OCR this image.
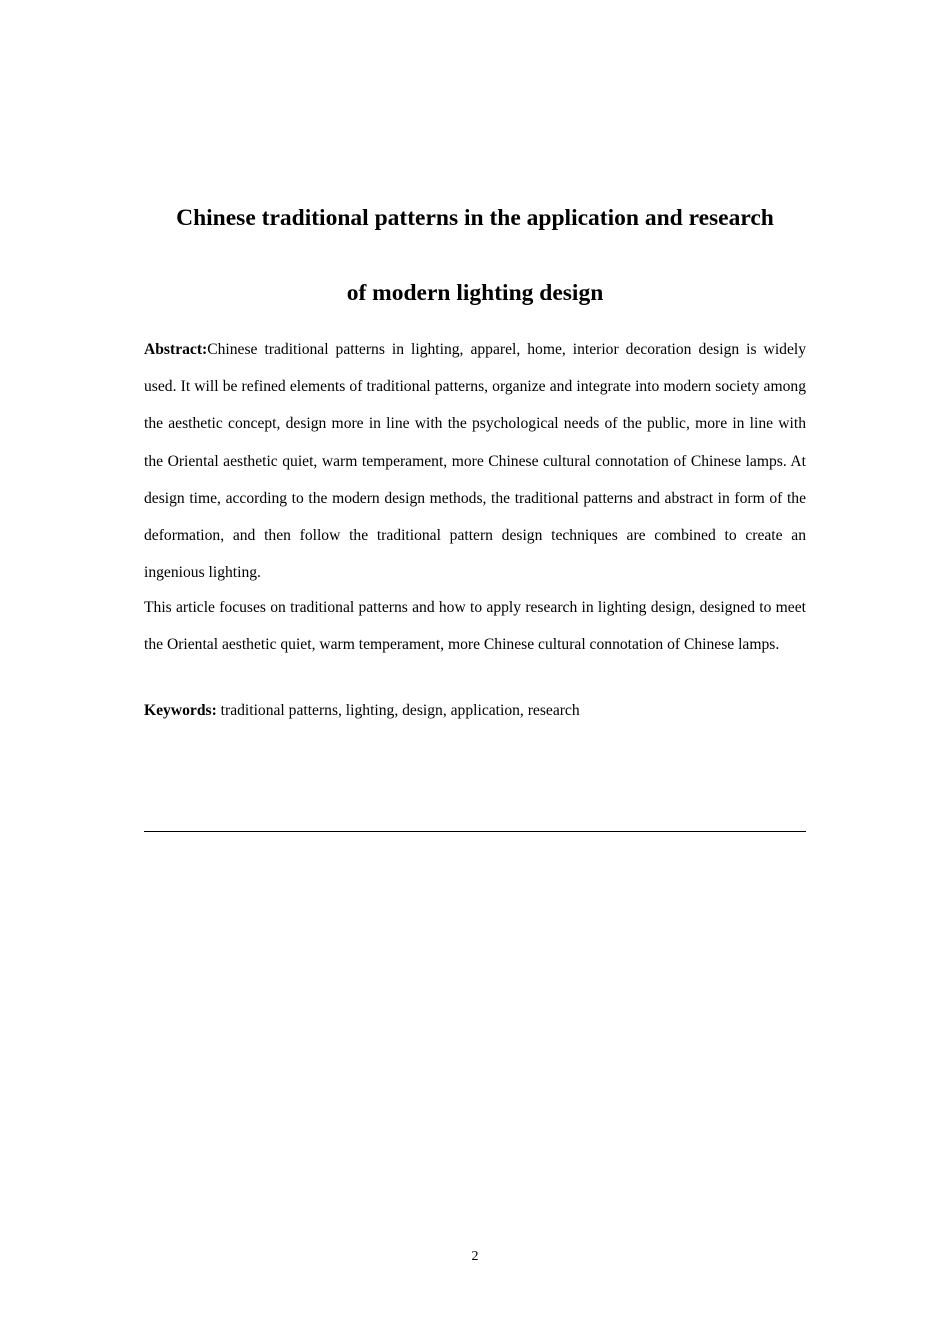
Chinese traditional patterns in the application and research
of modern lighting design
Abstract:Chinese traditional patterns in lighting, apparel, home, interior decoration design is widely used. It will be refined elements of traditional patterns, organize and integrate into modern society among the aesthetic concept, design more in line with the psychological needs of the public, more in line with the Oriental aesthetic quiet, warm temperament, more Chinese cultural connotation of Chinese lamps. At design time, according to the modern design methods, the traditional patterns and abstract in form of the deformation, and then follow the traditional pattern design techniques are combined to create an ingenious lighting.
This article focuses on traditional patterns and how to apply research in lighting design, designed to meet the Oriental aesthetic quiet, warm temperament, more Chinese cultural connotation of Chinese lamps.
Keywords: traditional patterns, lighting, design, application, research
2
